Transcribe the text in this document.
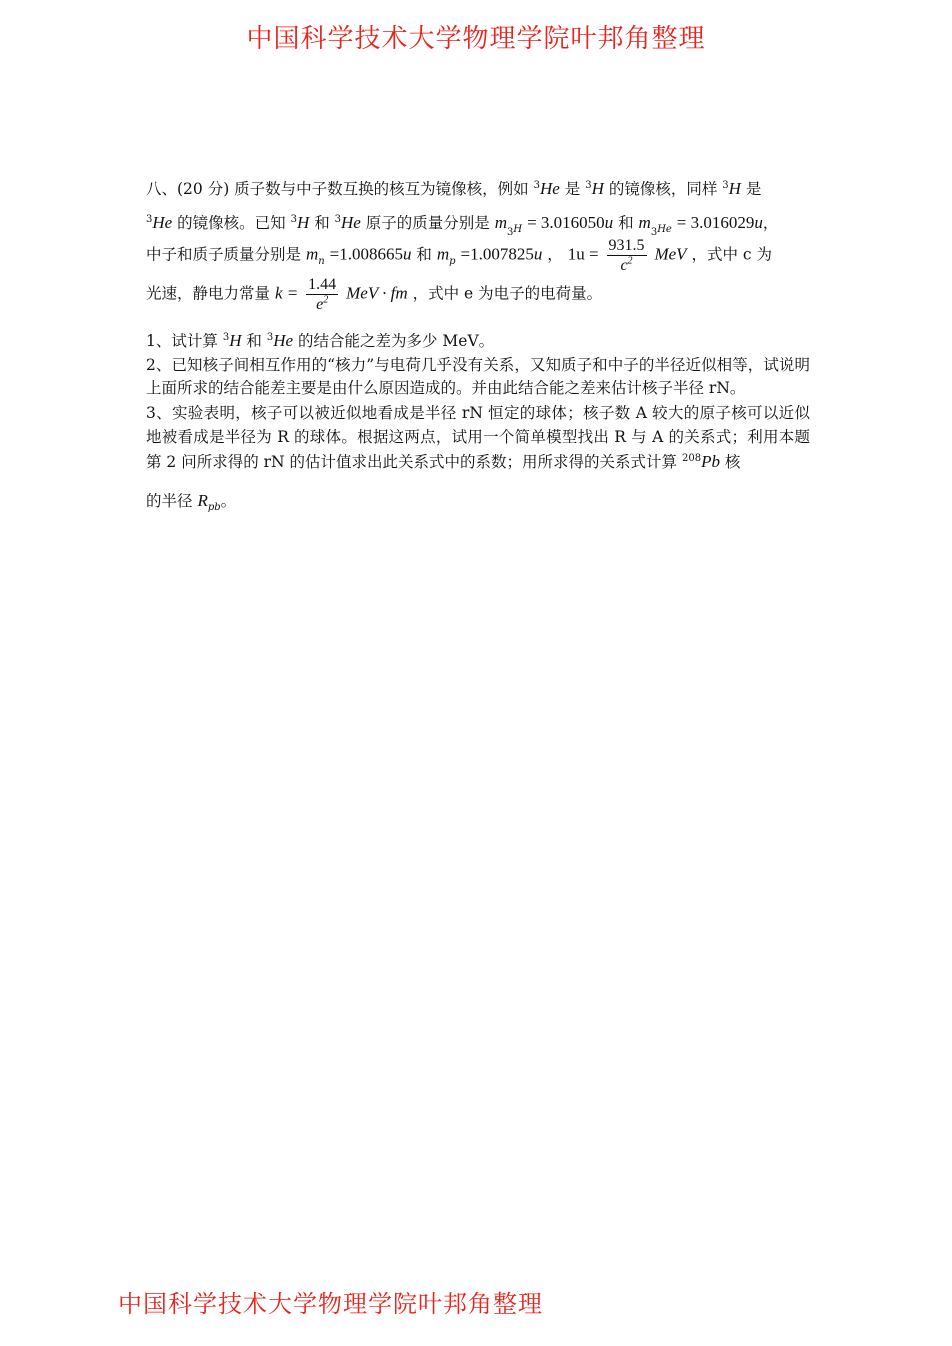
中国科学技术大学物理学院叶邦角整理

八、(20 分) 质子数与中子数互换的核互为镜像核，例如 $^3$He 是 $^3$H 的镜像核，同样 $^3$H 是

$^3$He 的镜像核。已知 $^3$H 和 $^3$He 原子的质量分别是 $m_{_3H} = 3.016050u$ 和 $m_{_3He} = 3.016029u$，

中子和质子质量分别是 $m_n =1.008665u$ 和 $m_p =1.007825u$ ， $1u = \frac{931.5}{c^2}$ MeV ，式中 c 为

光速，静电力常量 $k = \frac{1.44}{e^2}$ MeV · fm ，式中 e 为电子的电荷量。

1、试计算 $^3$H 和 $^3$He 的结合能之差为多少 MeV。

2、已知核子间相互作用的“核力”与电荷几乎没有关系，又知质子和中子的半径近似相等，试说明上面所求的结合能差主要是由什么原因造成的。并由此结合能之差来估计核子半径 rN。

3、实验表明，核子可以被近似地看成是半径 rN 恒定的球体；核子数 A 较大的原子核可以近似地被看成是半径为 R 的球体。根据这两点，试用一个简单模型找出 R 与 A 的关系式；利用本题第 2 问所求得的 rN 的估计值求出此关系式中的系数；用所求得的关系式计算 $^{208}$Pb 核

的半径 $R_{pb}$。

中国科学技术大学物理学院叶邦角整理
